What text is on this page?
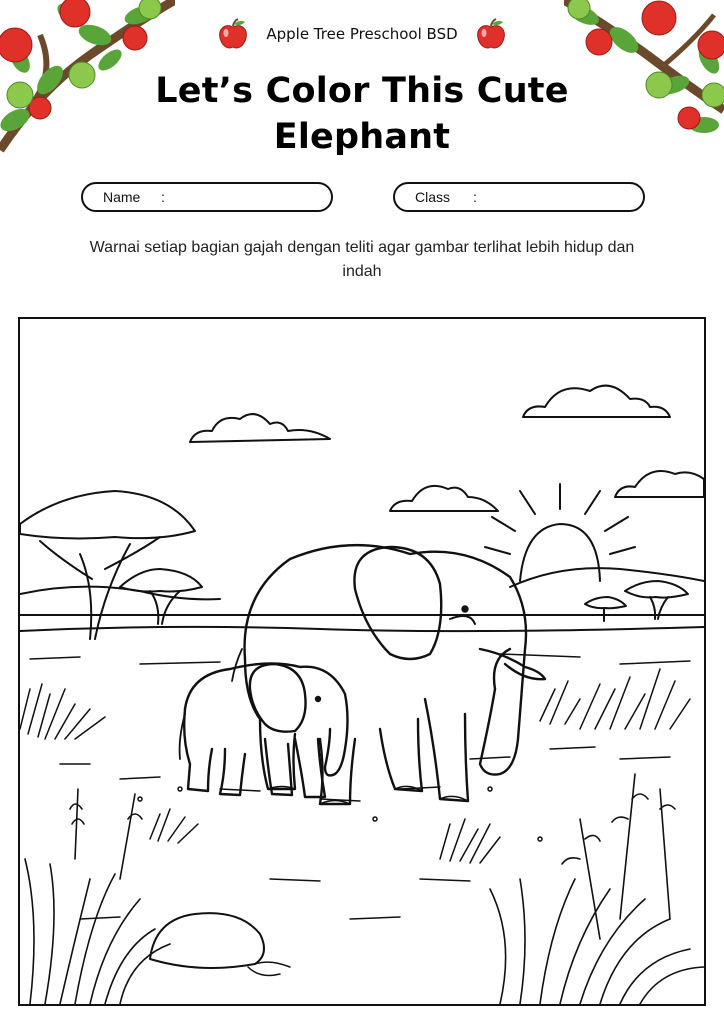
Apple Tree Preschool BSD
Let’s Color This Cute
Elephant
Name	:	Class	:
Warnai setiap bagian gajah dengan teliti agar gambar terlihat lebih hidup dan indah
